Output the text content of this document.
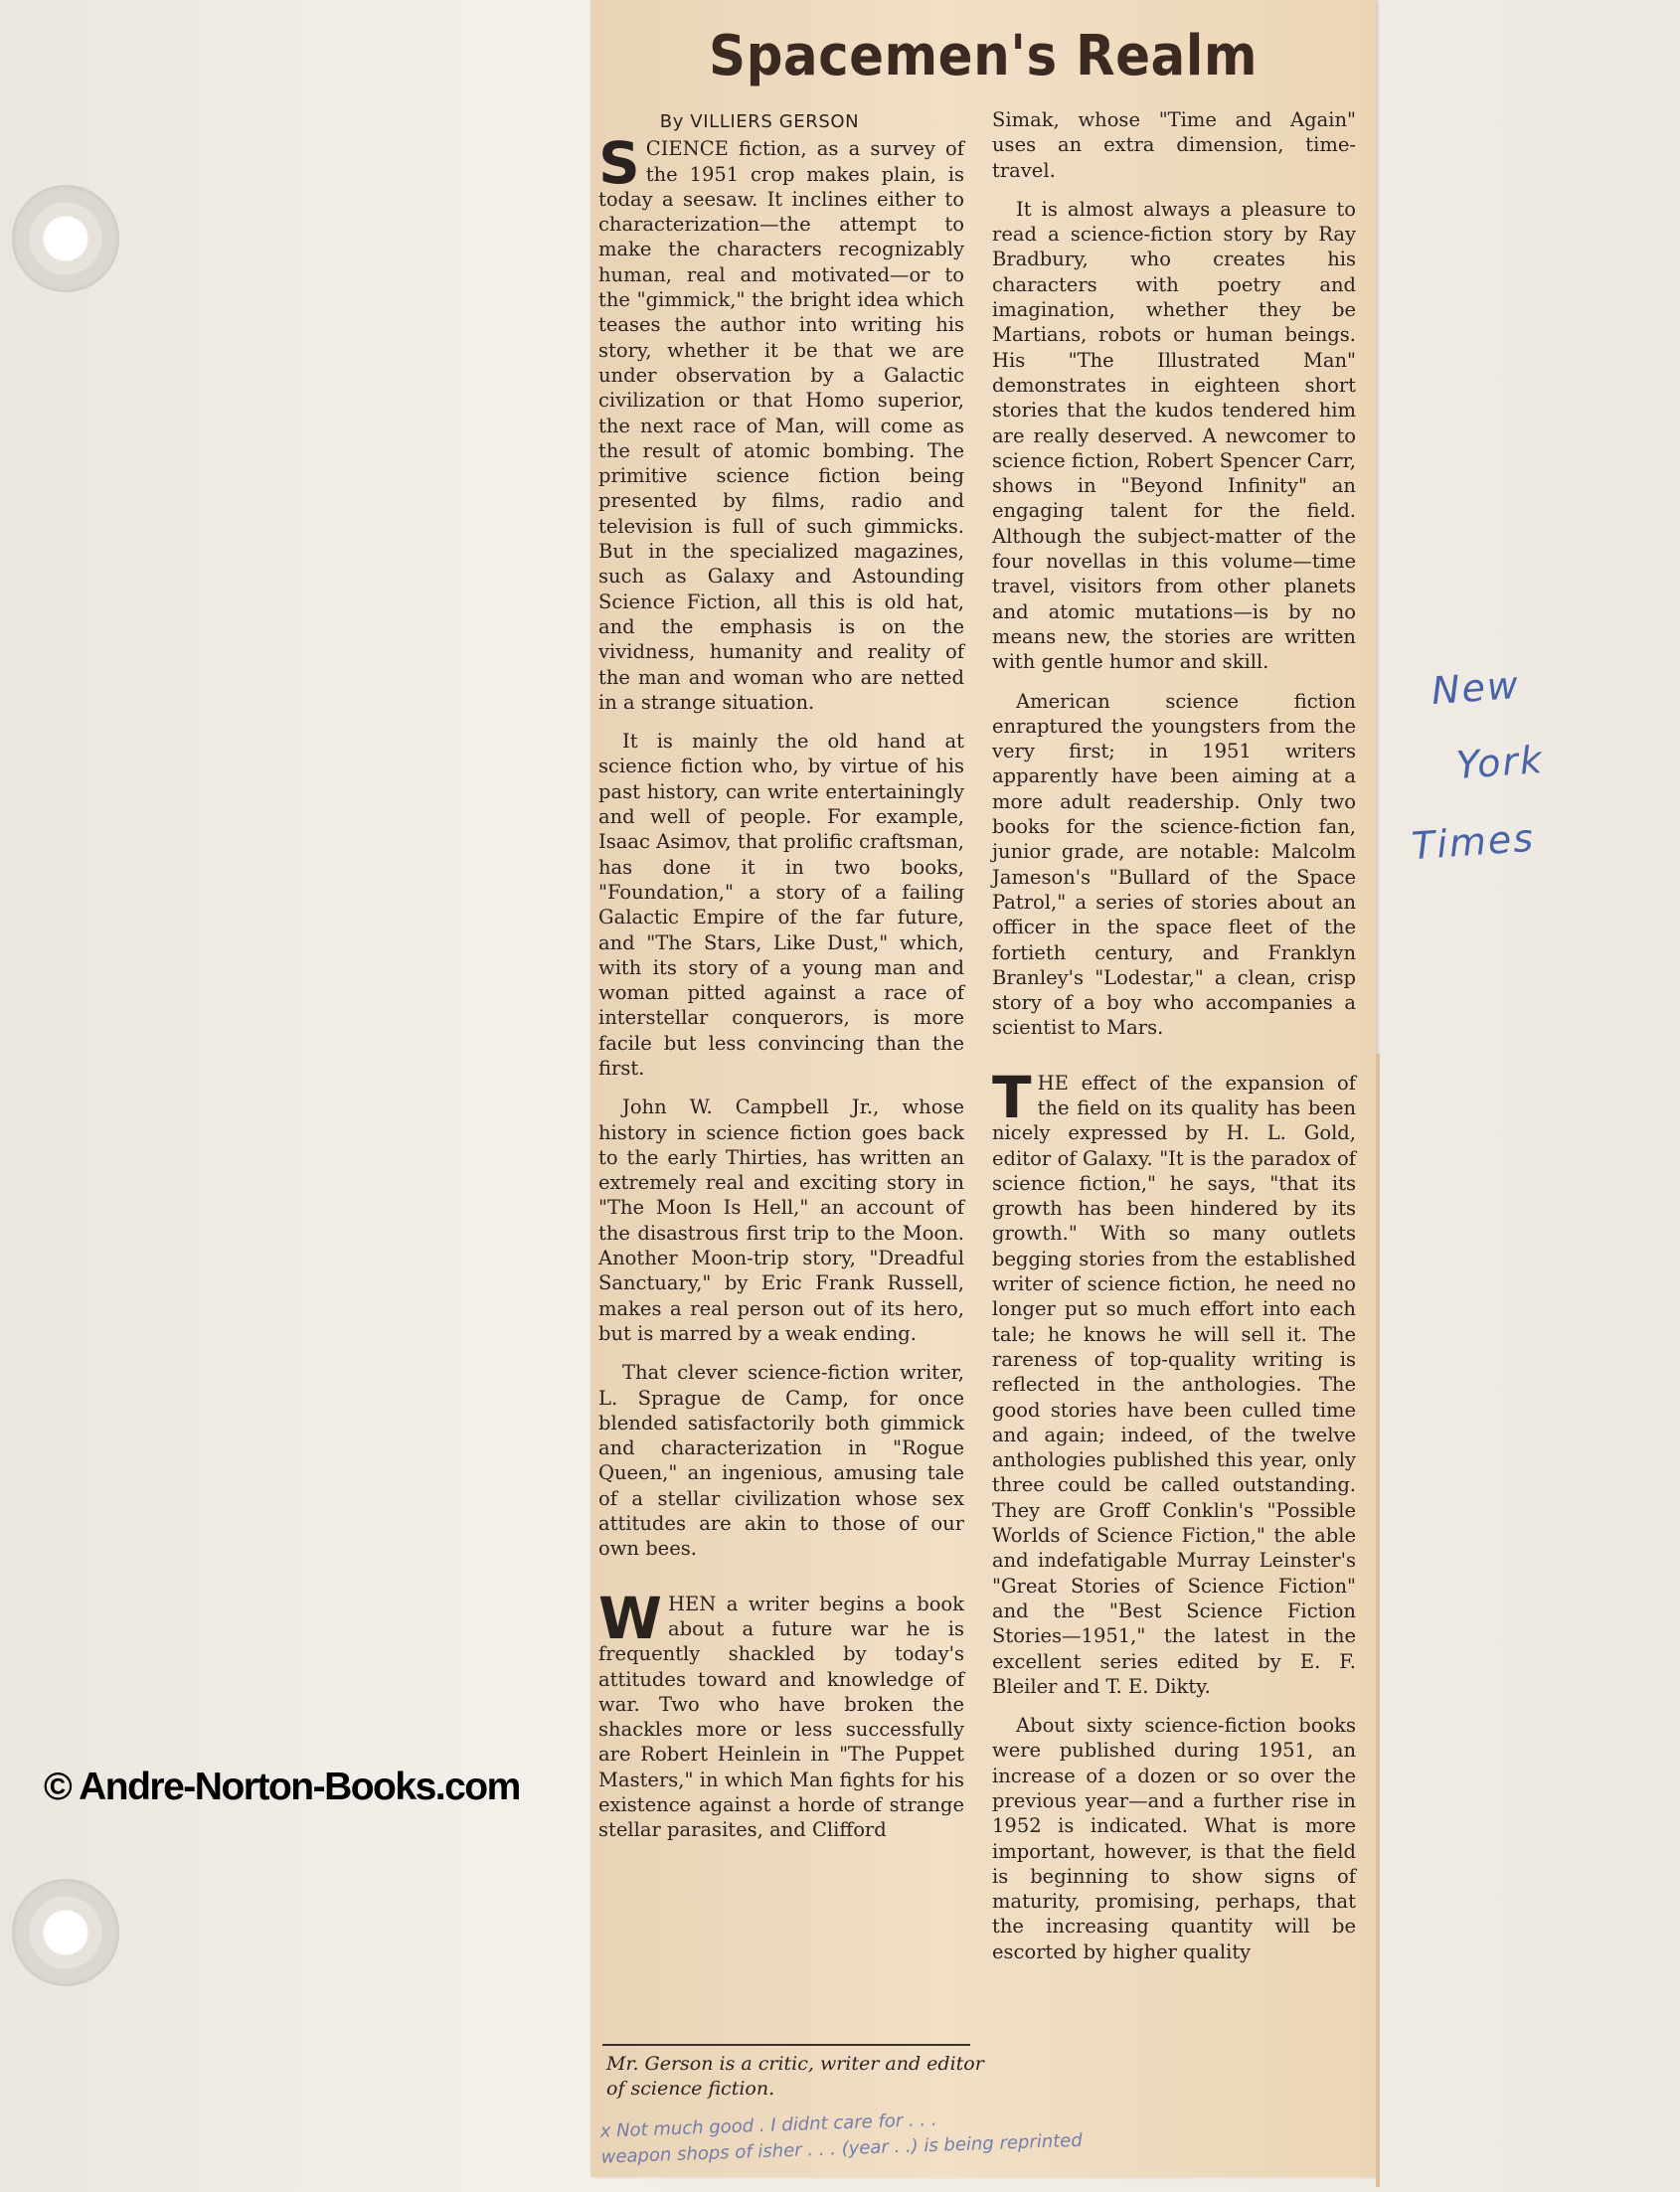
© Andre-Norton-Books.com
Spacemen's Realm
By VILLIERS GERSON

SCIENCE fiction, as a survey of the 1951 crop makes plain, is today a seesaw. It inclines either to characterization—the attempt to make the characters recognizably human, real and motivated—or to the "gimmick," the bright idea which teases the author into writing his story, whether it be that we are under observation by a Galactic civilization or that Homo superior, the next race of Man, will come as the result of atomic bombing. The primitive science fiction being presented by films, radio and television is full of such gimmicks. But in the specialized magazines, such as Galaxy and Astounding Science Fiction, all this is old hat, and the emphasis is on the vividness, humanity and reality of the man and woman who are netted in a strange situation.

It is mainly the old hand at science fiction who, by virtue of his past history, can write entertainingly and well of people. For example, Isaac Asimov, that prolific craftsman, has done it in two books, "Foundation," a story of a failing Galactic Empire of the far future, and "The Stars, Like Dust," which, with its story of a young man and woman pitted against a race of interstellar conquerors, is more facile but less convincing than the first.

John W. Campbell Jr., whose history in science fiction goes back to the early Thirties, has written an extremely real and exciting story in "The Moon Is Hell," an account of the disastrous first trip to the Moon. Another Moon-trip story, "Dreadful Sanctuary," by Eric Frank Russell, makes a real person out of its hero, but is marred by a weak ending.

That clever science-fiction writer, L. Sprague de Camp, for once blended satisfactorily both gimmick and characterization in "Rogue Queen," an ingenious, amusing tale of a stellar civilization whose sex attitudes are akin to those of our own bees.

WHEN a writer begins a book about a future war he is frequently shackled by today's attitudes toward and knowledge of war. Two who have broken the shackles more or less successfully are Robert Heinlein in "The Puppet Masters," in which Man fights for his existence against a horde of strange stellar parasites, and Clifford

Simak, whose "Time and Again" uses an extra dimension, time-travel.

It is almost always a pleasure to read a science-fiction story by Ray Bradbury, who creates his characters with poetry and imagination, whether they be Martians, robots or human beings. His "The Illustrated Man" demonstrates in eighteen short stories that the kudos tendered him are really deserved. A newcomer to science fiction, Robert Spencer Carr, shows in "Beyond Infinity" an engaging talent for the field. Although the subject-matter of the four novellas in this volume—time travel, visitors from other planets and atomic mutations—is by no means new, the stories are written with gentle humor and skill.

American science fiction enraptured the youngsters from the very first; in 1951 writers apparently have been aiming at a more adult readership. Only two books for the science-fiction fan, junior grade, are notable: Malcolm Jameson's "Bullard of the Space Patrol," a series of stories about an officer in the space fleet of the fortieth century, and Franklyn Branley's "Lodestar," a clean, crisp story of a boy who accompanies a scientist to Mars.

THE effect of the expansion of the field on its quality has been nicely expressed by H. L. Gold, editor of Galaxy. "It is the paradox of science fiction," he says, "that its growth has been hindered by its growth." With so many outlets begging stories from the established writer of science fiction, he need no longer put so much effort into each tale; he knows he will sell it. The rareness of top-quality writing is reflected in the anthologies. The good stories have been culled time and again; indeed, of the twelve anthologies published this year, only three could be called outstanding. They are Groff Conklin's "Possible Worlds of Science Fiction," the able and indefatigable Murray Leinster's "Great Stories of Science Fiction" and the "Best Science Fiction Stories—1951," the latest in the excellent series edited by E. F. Bleiler and T. E. Dikty.

About sixty science-fiction books were published during 1951, an increase of a dozen or so over the previous year—and a further rise in 1952 is indicated. What is more important, however, is that the field is beginning to show signs of maturity, promising, perhaps, that the increasing quantity will be escorted by higher quality

Mr. Gerson is a critic, writer and editor of science fiction.
x Not much good . I didnt care for . . .
weapon shops of isher . . . (year . .) is being reprinted
New
York
Times
